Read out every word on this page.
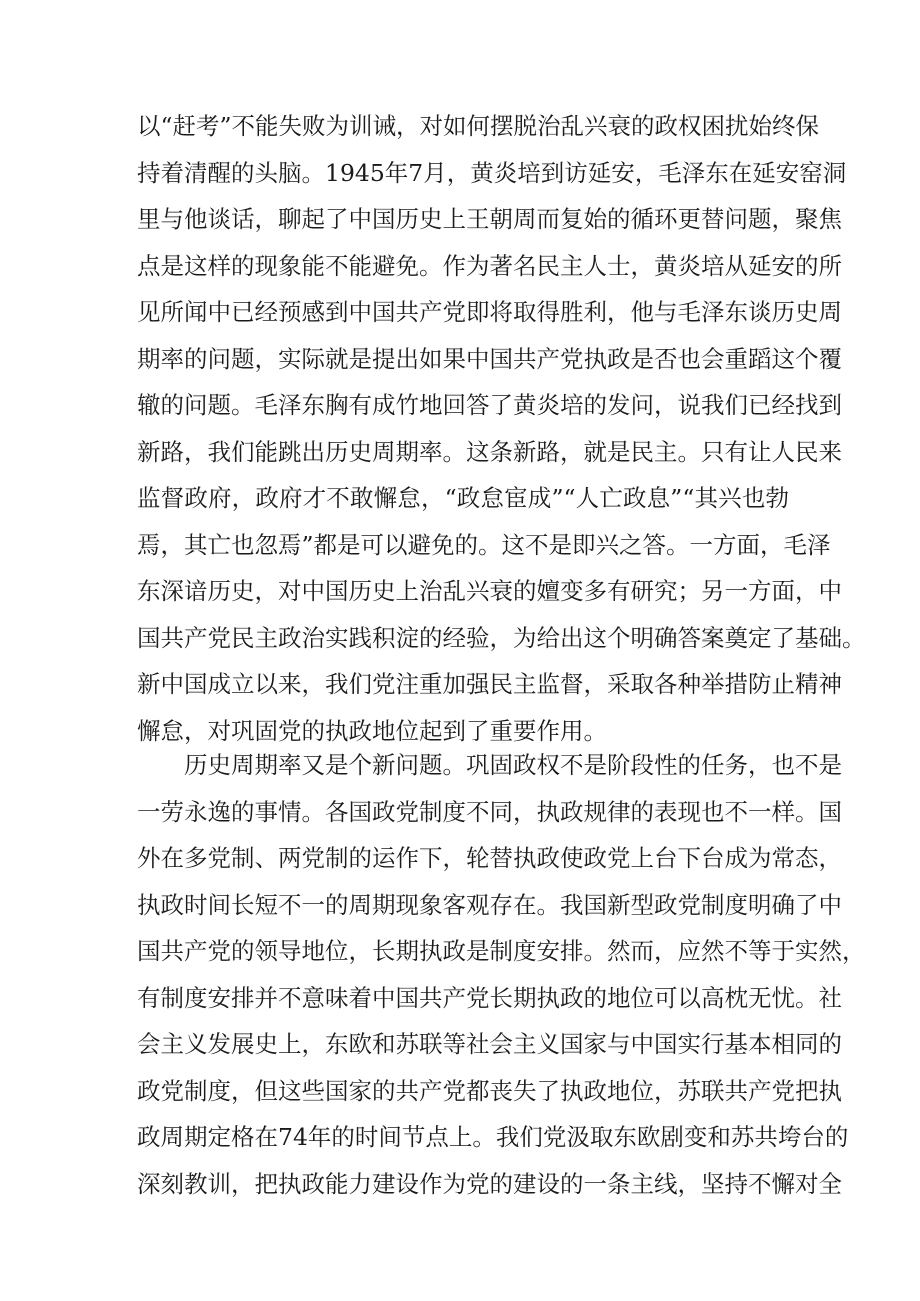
以“赶考”不能失败为训诫，对如何摆脱治乱兴衰的政权困扰始终保
持着清醒的头脑。1945年7月，黄炎培到访延安，毛泽东在延安窑洞
里与他谈话，聊起了中国历史上王朝周而复始的循环更替问题，聚焦
点是这样的现象能不能避免。作为著名民主人士，黄炎培从延安的所
见所闻中已经预感到中国共产党即将取得胜利，他与毛泽东谈历史周
期率的问题，实际就是提出如果中国共产党执政是否也会重蹈这个覆
辙的问题。毛泽东胸有成竹地回答了黄炎培的发问，说我们已经找到
新路，我们能跳出历史周期率。这条新路，就是民主。只有让人民来
监督政府，政府才不敢懈怠，“政怠宦成”“人亡政息”“其兴也勃
焉，其亡也忽焉”都是可以避免的。这不是即兴之答。一方面，毛泽
东深谙历史，对中国历史上治乱兴衰的嬗变多有研究；另一方面，中
国共产党民主政治实践积淀的经验，为给出这个明确答案奠定了基础。
新中国成立以来，我们党注重加强民主监督，采取各种举措防止精神
懈怠，对巩固党的执政地位起到了重要作用。
历史周期率又是个新问题。巩固政权不是阶段性的任务，也不是
一劳永逸的事情。各国政党制度不同，执政规律的表现也不一样。国
外在多党制、两党制的运作下，轮替执政使政党上台下台成为常态，
执政时间长短不一的周期现象客观存在。我国新型政党制度明确了中
国共产党的领导地位，长期执政是制度安排。然而，应然不等于实然，
有制度安排并不意味着中国共产党长期执政的地位可以高枕无忧。社
会主义发展史上，东欧和苏联等社会主义国家与中国实行基本相同的
政党制度，但这些国家的共产党都丧失了执政地位，苏联共产党把执
政周期定格在74年的时间节点上。我们党汲取东欧剧变和苏共垮台的
深刻教训，把执政能力建设作为党的建设的一条主线，坚持不懈对全
